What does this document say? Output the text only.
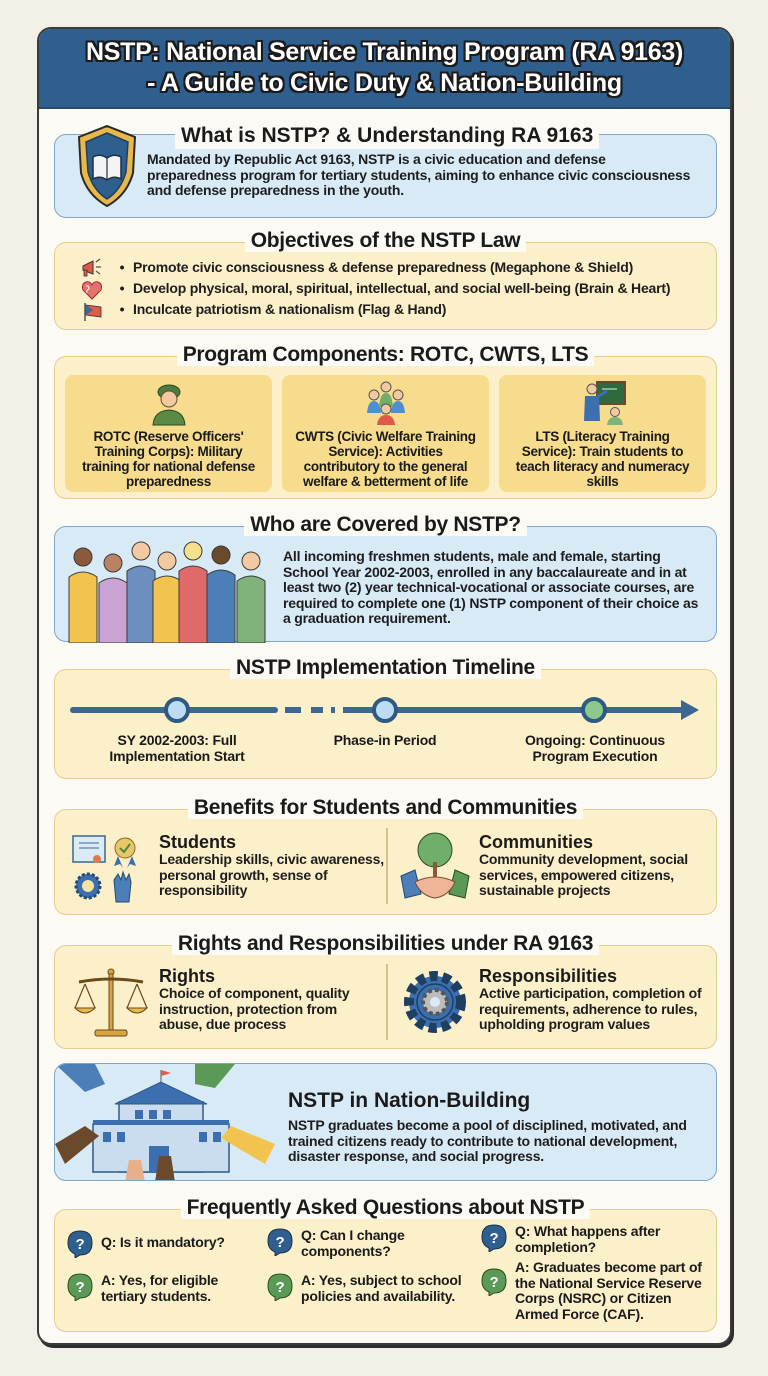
NSTP: National Service Training Program (RA 9163)
- A Guide to Civic Duty & Nation-Building
What is NSTP? & Understanding RA 9163
Mandated by Republic Act 9163, NSTP is a civic education and defense preparedness program for tertiary students, aiming to enhance civic consciousness and defense preparedness in the youth.
Objectives of the NSTP Law
• Promote civic consciousness & defense preparedness (Megaphone & Shield)
• Develop physical, moral, spiritual, intellectual, and social well-being (Brain & Heart)
• Inculcate patriotism & nationalism (Flag & Hand)
Program Components: ROTC, CWTS, LTS
ROTC (Reserve Officers' Training Corps): Military training for national defense preparedness
CWTS (Civic Welfare Training Service): Activities contributory to the general welfare & betterment of life
LTS (Literacy Training Service): Train students to teach literacy and numeracy skills
Who are Covered by NSTP?
All incoming freshmen students, male and female, starting School Year 2002-2003, enrolled in any baccalaureate and in at least two (2) year technical-vocational or associate courses, are required to complete one (1) NSTP component of their choice as a graduation requirement.
NSTP Implementation Timeline
SY 2002-2003: Full Implementation Start
Phase-in Period	Ongoing: Continuous Program Execution
Benefits for Students and Communities
Students
Leadership skills, civic awareness, personal growth, sense of responsibility
Communities
Community development, social services, empowered citizens, sustainable projects
Rights and Responsibilities under RA 9163
Rights
Choice of component, quality instruction, protection from abuse, due process
Responsibilities
Active participation, completion of requirements, adherence to rules, upholding program values
NSTP in Nation-Building
NSTP graduates become a pool of disciplined, motivated, and trained citizens ready to contribute to national development, disaster response, and social progress.
Frequently Asked Questions about NSTP
? Q: Is it mandatory?
? A: Yes, for eligible tertiary students.
? Q: Can I change components?
? A: Yes, subject to school policies and availability.
? Q: What happens after completion?
?
A: Graduates become part of the National Service Reserve Corps (NSRC) or Citizen Armed Force (CAF).
